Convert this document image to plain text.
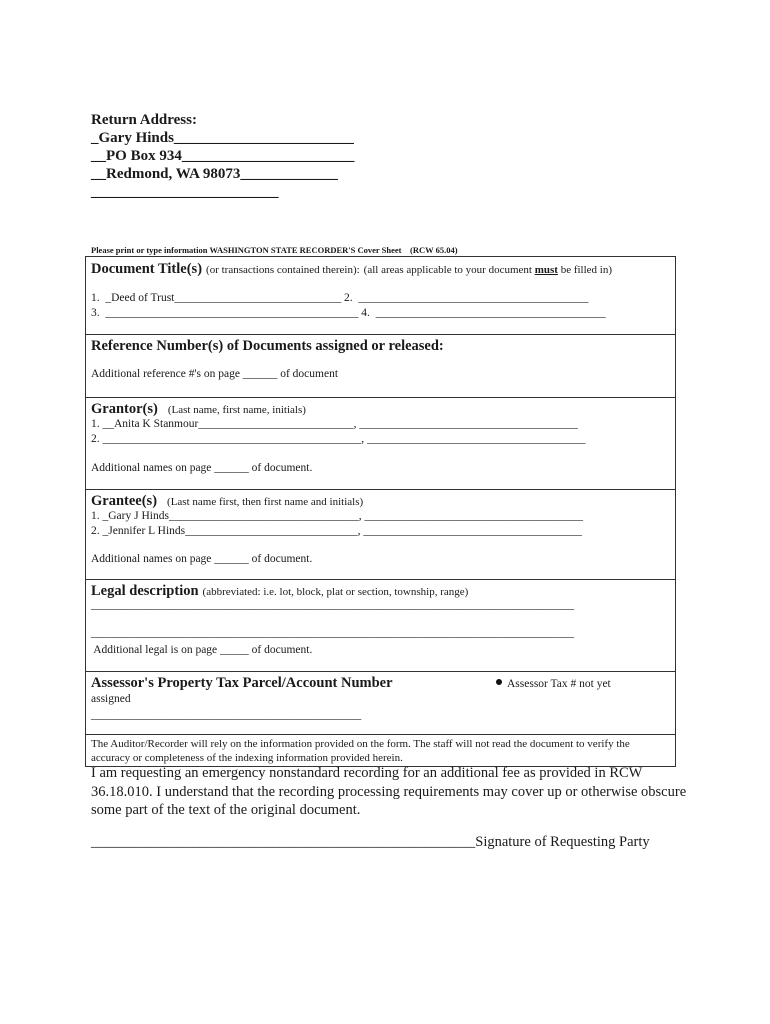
Return Address:
_Gary Hinds________________________
__PO Box 934_______________________
__Redmond, WA 98073_____________
_________________________
Please print or type information WASHINGTON STATE RECORDER'S Cover Sheet    (RCW 65.04)
Document Title(s) (or transactions contained therein): (all areas applicable to your document must be filled in)
1.  _Deed of Trust_____________________________ 2.  ________________________________________
3.  ____________________________________________ 4.  ________________________________________
Reference Number(s) of Documents assigned or released:
Additional reference #'s on page ______ of document
Grantor(s) (Last name, first name, initials)
1. __Anita K Stanmour___________________________, ______________________________________
2. _____________________________________________, ______________________________________
Additional names on page ______ of document.
Grantee(s) (Last name first, then first name and initials)
1. _Gary J Hinds_________________________________, ______________________________________
2. _Jennifer L Hinds______________________________, ______________________________________
Additional names on page ______ of document.
Legal description (abbreviated: i.e. lot, block, plat or section, township, range)
____________________________________________________________________________________
____________________________________________________________________________________
Additional legal is on page _____ of document.
Assessor's Property Tax Parcel/Account Number	Assessor Tax # not yet
assigned
_______________________________________________
The Auditor/Recorder will rely on the information provided on the form. The staff will not read the document to verify the accuracy or completeness of the indexing information provided herein.
I am requesting an emergency nonstandard recording for an additional fee as provided in RCW 36.18.010. I understand that the recording processing requirements may cover up or otherwise obscure some part of the text of the original document.
_____________________________________________________Signature of Requesting Party
